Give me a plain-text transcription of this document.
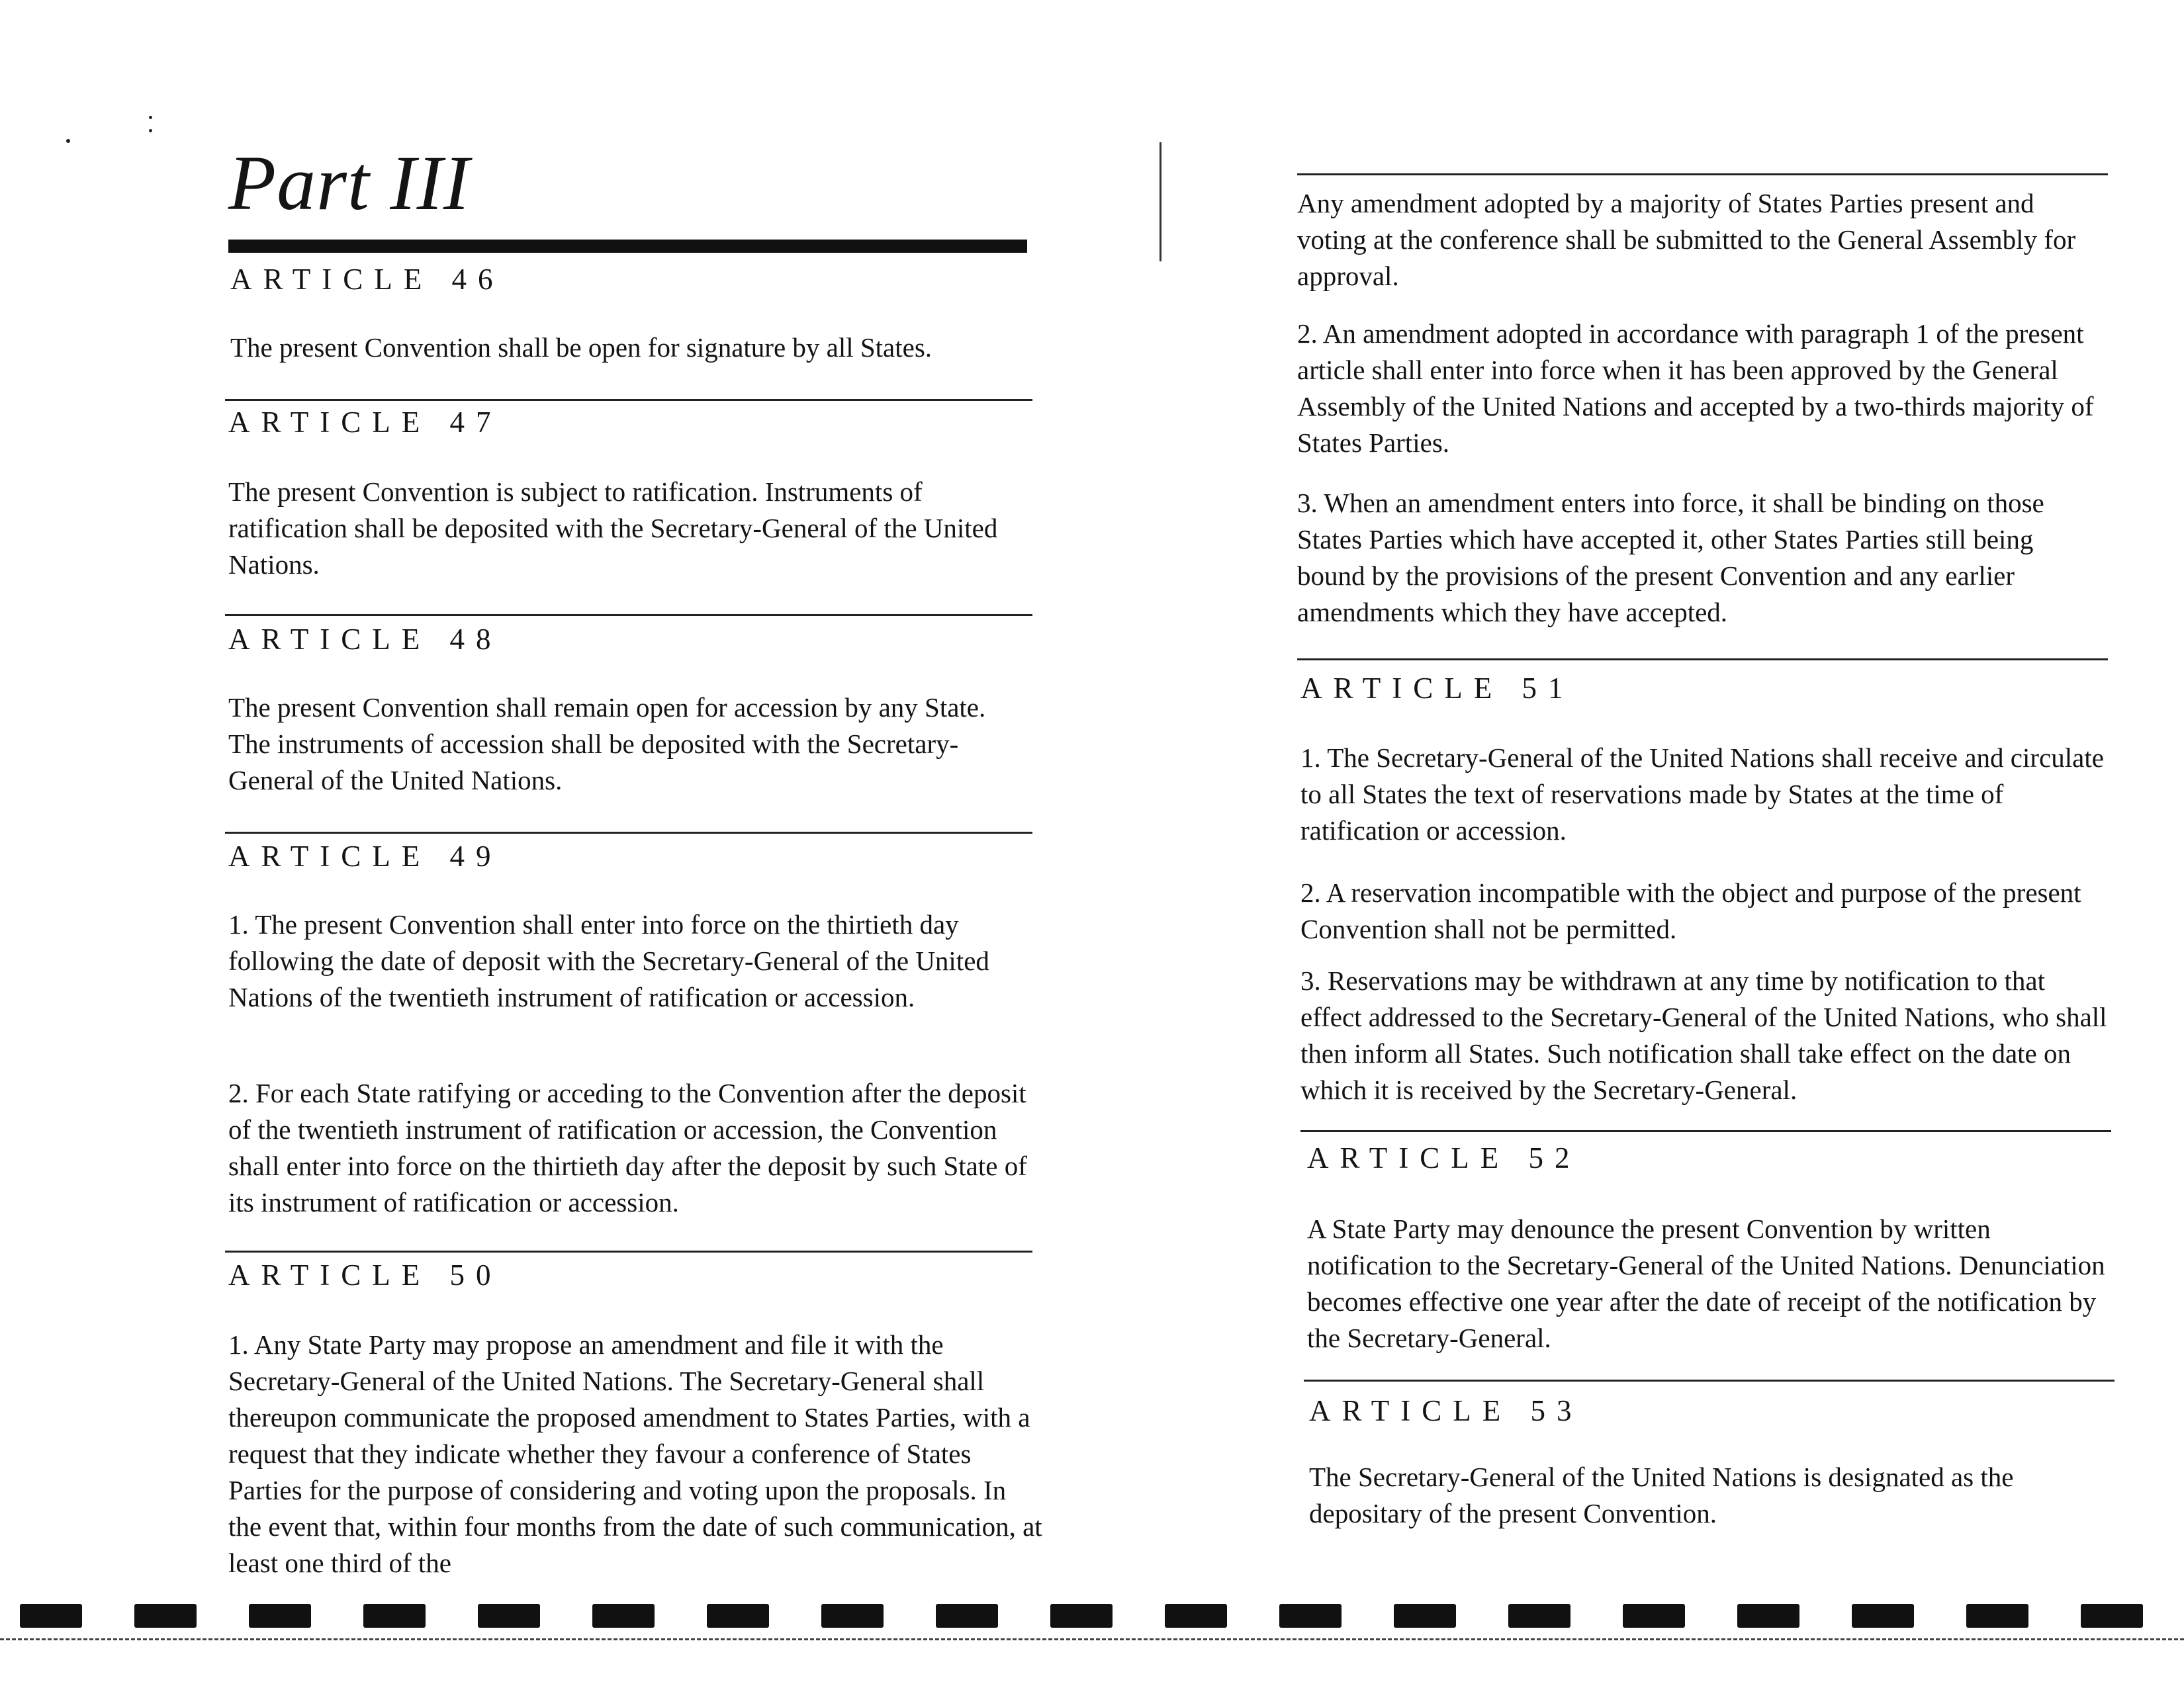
Part III
ARTICLE 46

The present Convention shall be open for signature by all States.

ARTICLE 47

The present Convention is subject to ratification. Instruments of ratification shall be deposited with the Secretary-General of the United Nations.

ARTICLE 48

The present Convention shall remain open for accession by any State. The instruments of accession shall be deposited with the Secretary-General of the United Nations.

ARTICLE 49

1. The present Convention shall enter into force on the thirtieth day following the date of deposit with the Secretary-General of the United Nations of the twentieth instrument of ratification or accession.

2. For each State ratifying or acceding to the Convention after the deposit of the twentieth instrument of ratification or accession, the Convention shall enter into force on the thirtieth day after the deposit by such State of its instrument of ratification or accession.

ARTICLE 50

1. Any State Party may propose an amendment and file it with the Secretary-General of the United Nations. The Secretary-General shall thereupon communicate the proposed amendment to States Parties, with a request that they indicate whether they favour a conference of States Parties for the purpose of considering and voting upon the proposals. In the event that, within four months from the date of such communication, at least one third of the

Any amendment adopted by a majority of States Parties present and voting at the conference shall be submitted to the General Assembly for approval.

2. An amendment adopted in accordance with paragraph 1 of the present article shall enter into force when it has been approved by the General Assembly of the United Nations and accepted by a two-thirds majority of States Parties.

3. When an amendment enters into force, it shall be binding on those States Parties which have accepted it, other States Parties still being bound by the provisions of the present Convention and any earlier amendments which they have accepted.

ARTICLE 51

1. The Secretary-General of the United Nations shall receive and circulate to all States the text of reservations made by States at the time of ratification or accession.

2. A reservation incompatible with the object and purpose of the present Convention shall not be permitted.

3. Reservations may be withdrawn at any time by notification to that effect addressed to the Secretary-General of the United Nations, who shall then inform all States. Such notification shall take effect on the date on which it is received by the Secretary-General.

ARTICLE 52

A State Party may denounce the present Convention by written notification to the Secretary-General of the United Nations. Denunciation becomes effective one year after the date of receipt of the notification by the Secretary-General.

ARTICLE 53

The Secretary-General of the United Nations is designated as the depositary of the present Convention.
